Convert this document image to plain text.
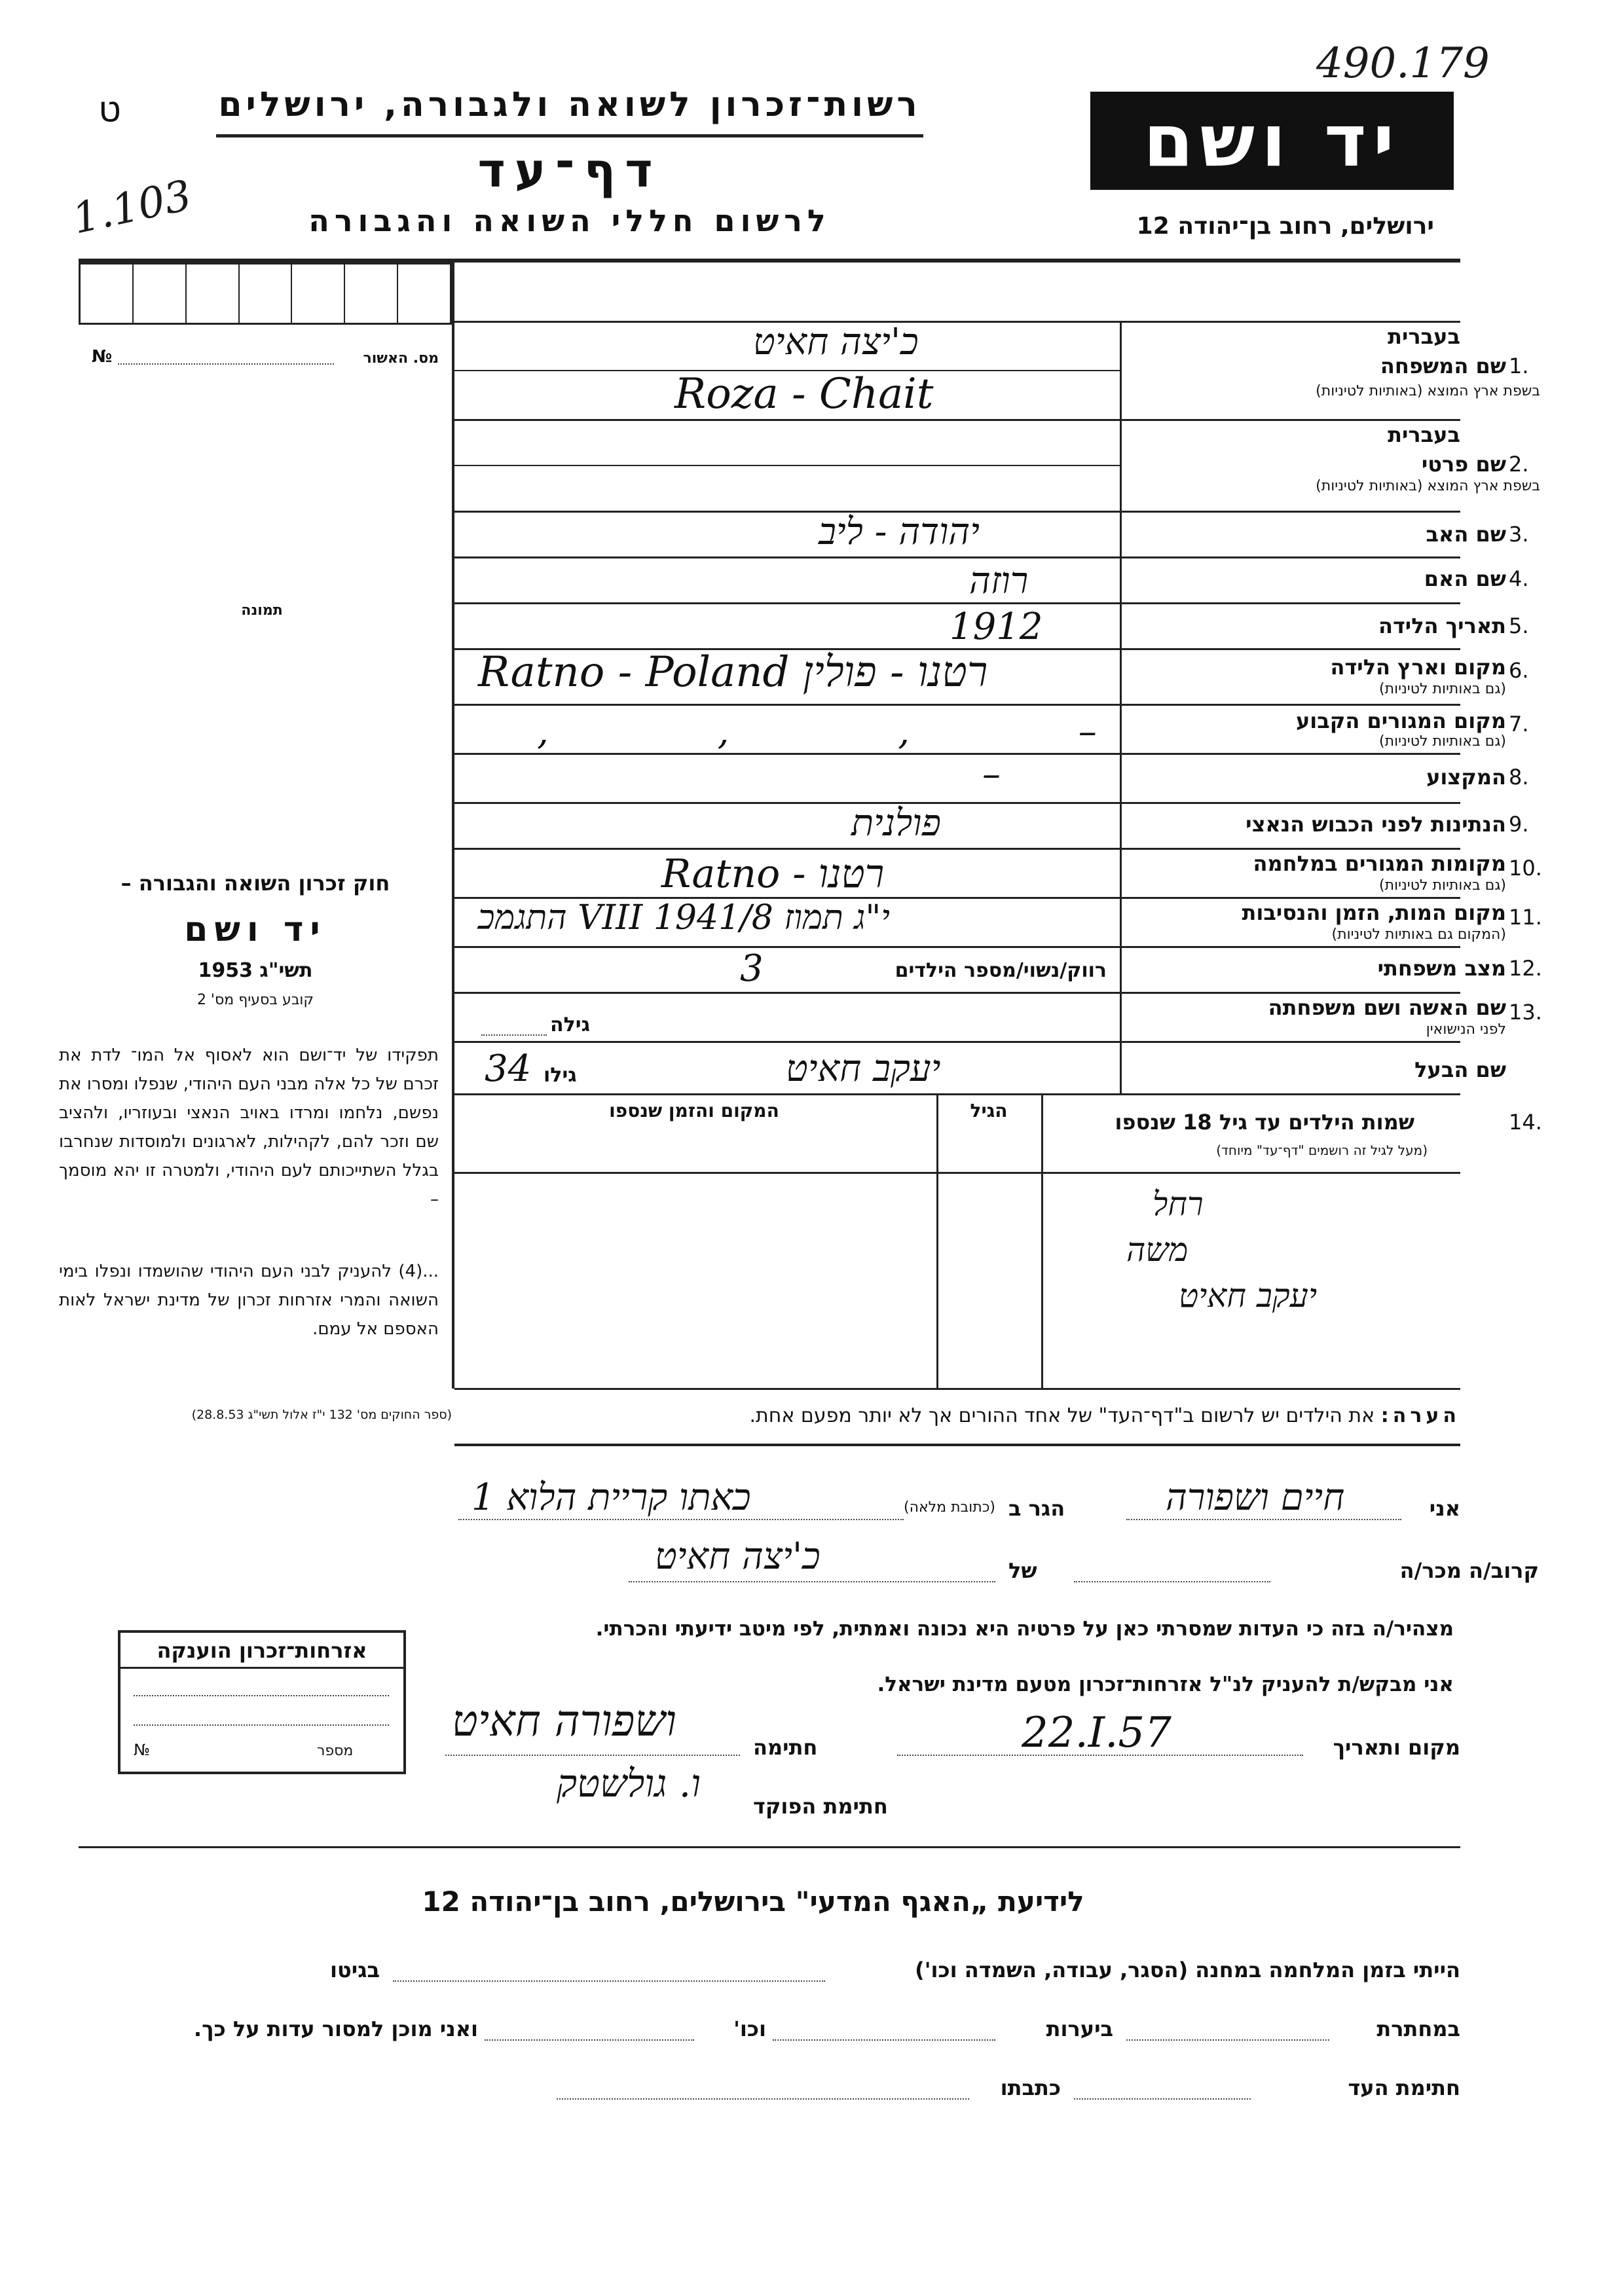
490.179
ט
1.103
רשות־זכרון לשואה ולגבורה, ירושלים
דף־עד
לרשום חללי השואה והגבורה
יד ושם
ירושלים, רחוב בן־יהודה 12
№	מס. האשור
תמונה
חוק זכרון השואה והגבורה –
יד ושם
תשי"ג 1953
קובע בסעיף מס' 2
תפקידו של יד־ושם הוא לאסוף אל המו־ לדת את זכרם של כל אלה מבני העם היהודי, שנפלו ומסרו את נפשם, נלחמו ומרדו באויב הנאצי ובעוזריו, ולהציב שם וזכר להם, לקהילות, לארגונים ולמוסדות שנחרבו בגלל השתייכותם לעם היהודי, ולמטרה זו יהא מוסמך –
...(4) להעניק לבני העם היהודי שהושמדו ונפלו בימי השואה והמרי אזרחות זכרון של מדינת ישראל לאות האספם אל עמם.
(ספר החוקים מס' 132 י"ז אלול תשי"ג 28.8.53)
בעברית
שם המשפחה 1.
בשפת ארץ המוצא (באותיות לטיניות)
כ'יצה חאיט
Roza - Chait
בעברית
שם פרטי 2.
בשפת ארץ המוצא (באותיות לטיניות)
שם האב 3.
יהודה - ליב
שם האם 4.
רוזה
תאריך הלידה 5.
1912
מקום וארץ הלידה 6.
(גם באותיות לטיניות)
Ratno - Poland רטנו - פולין
מקום המגורים הקבוע 7.
(גם באותיות לטיניות)
, , , –
המקצוע 8.
–
הנתינות לפני הכבוש הנאצי 9.
פולנית
מקומות המגורים במלחמה 10.
(גם באותיות לטיניות)
Ratno - רטנו
מקום המות, הזמן והנסיבות 11.
(המקום גם באותיות לטיניות)
י"ג תמוז 8/VIII 1941 התגמכ
מצב משפחתי 12.
רווק/נשוי/מספר הילדים
3
שם האשה ושם משפחתה 13.
לפני הנישואין
גילה
שם הבעל
34 גילו	יעקב חאיט
שמות הילדים עד גיל 18 שנספו	14.
(מעל לגיל זה רושמים "דף־עד" מיוחד)
הגיל
המקום והזמן שנספו
רחל
משה
יעקב חאיט
הערה: את הילדים יש לרשום ב"דף־העד" של אחד ההורים אך לא יותר מפעם אחת.
אני
חיים ושפורה
הגר ב
(כתובת מלאה)
כאתו קריית הלוא 1
קרוב/ה מכר/ה
של
כ'יצה חאיט
מצהיר/ה בזה כי העדות שמסרתי כאן על פרטיה היא נכונה ואמתית, לפי מיטב ידיעתי והכרתי.
אני מבקש/ת להעניק לנ"ל אזרחות־זכרון מטעם מדינת ישראל.
מקום ותאריך
22.I.57
חתימה
ושפורה חאיט
חתימת הפוקד
ו. גולשטק
אזרחות־זכרון הוענקה
№	מספר
לידיעת „האגף המדעי" בירושלים, רחוב בן־יהודה 12
הייתי בזמן המלחמה במחנה (הסגר, עבודה, השמדה וכו')
בגיטו
במחתרת
ביערות
וכו'
ואני מוכן למסור עדות על כך.
חתימת העד
כתבתו
